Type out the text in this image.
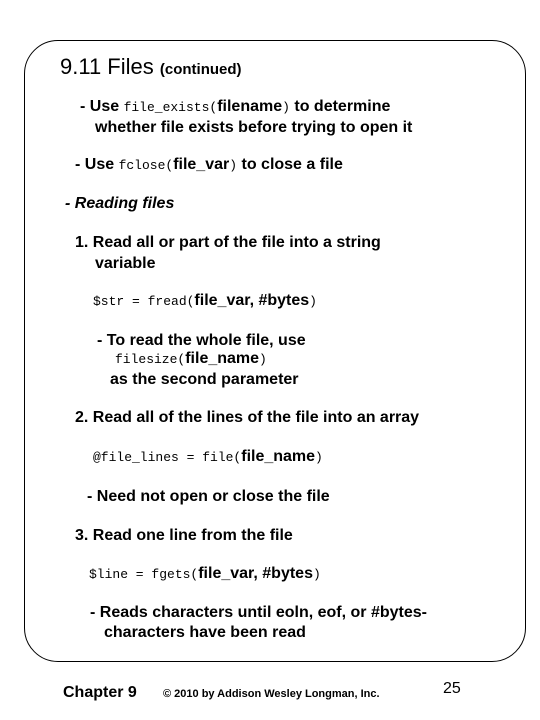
9.11 Files (continued)
- Use file_exists(filename) to determine
whether file exists before trying to open it
- Use fclose(file_var) to close a file
- Reading files
1. Read all or part of the file into a string
variable
$str = fread(file_var, #bytes)
- To read the whole file, use
filesize(file_name)
as the second parameter
2. Read all of the lines of the file into an array
@file_lines = file(file_name)
- Need not open or close the file
3. Read one line from the file
$line = fgets(file_var, #bytes)
- Reads characters until eoln, eof, or #bytes-
characters have been read
Chapter 9 © 2010 by Addison Wesley Longman, Inc.	25
